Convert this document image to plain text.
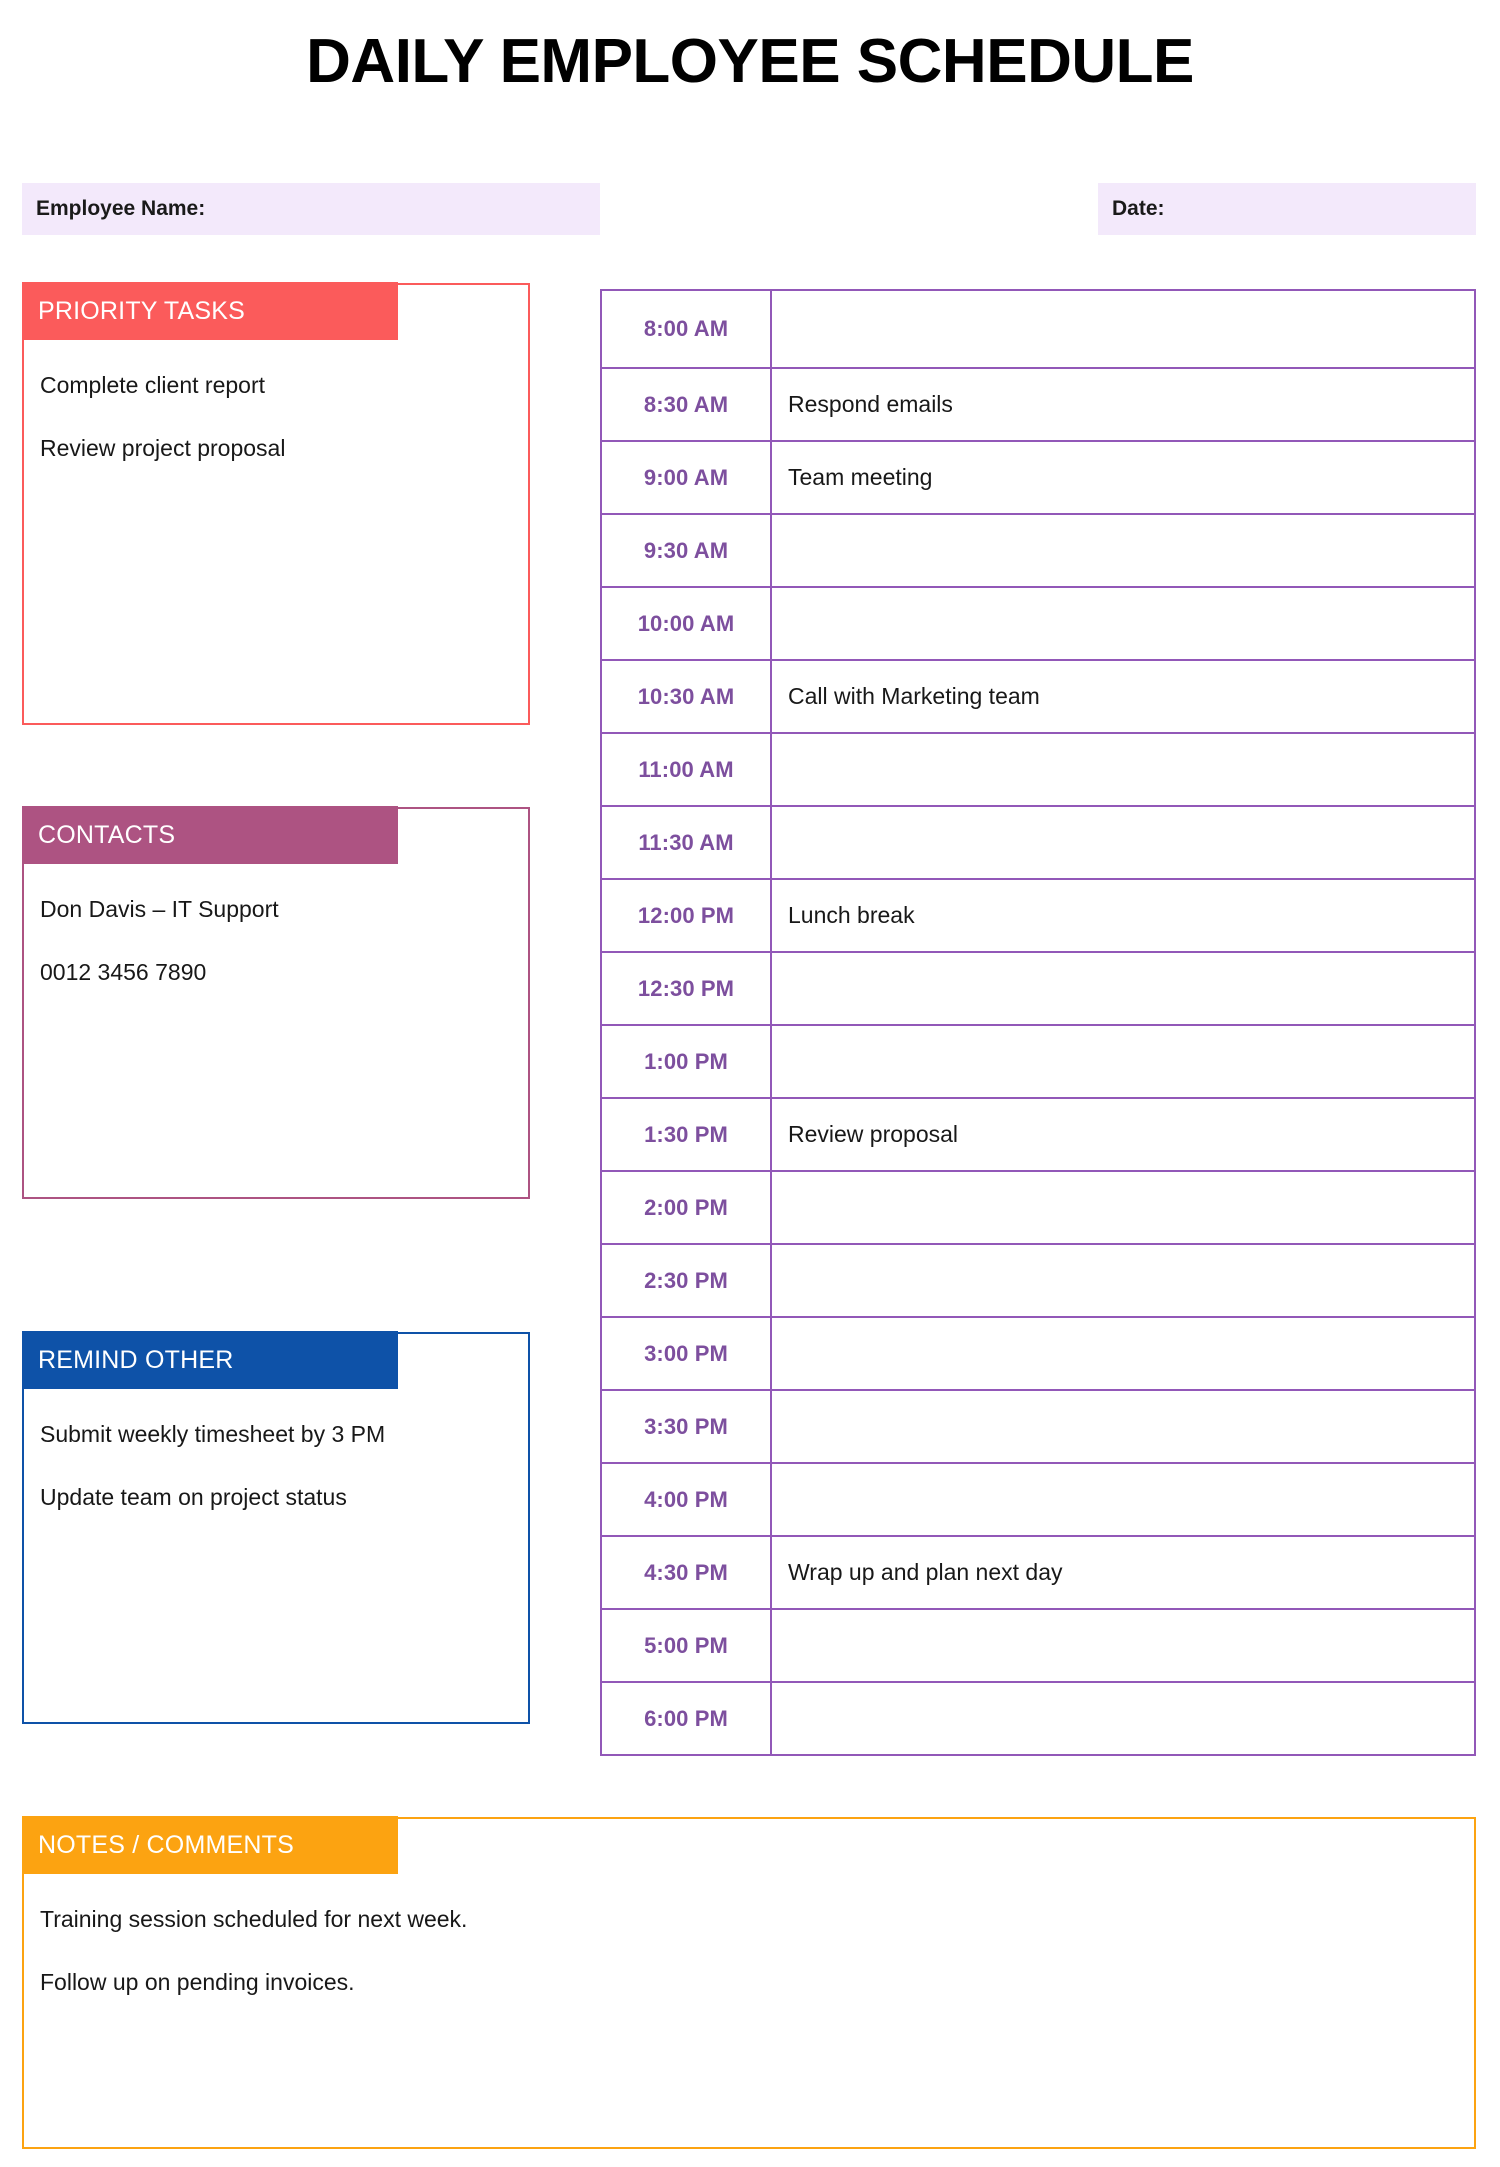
DAILY EMPLOYEE SCHEDULE
Employee Name:	Date:
PRIORITY TASKS
Complete client report
Review project proposal
CONTACTS
Don Davis – IT Support
0012 3456 7890
REMIND OTHER
Submit weekly timesheet by 3 PM
Update team on project status
NOTES / COMMENTS
Training session scheduled for next week.
Follow up on pending invoices.
8:00 AM	
8:30 AM	Respond emails
9:00 AM	Team meeting
9:30 AM	
10:00 AM	
10:30 AM	Call with Marketing team
11:00 AM	
11:30 AM	
12:00 PM	Lunch break
12:30 PM	
1:00 PM	
1:30 PM	Review proposal
2:00 PM	
2:30 PM	
3:00 PM	
3:30 PM	
4:00 PM	
4:30 PM	Wrap up and plan next day
5:00 PM	
6:00 PM	
